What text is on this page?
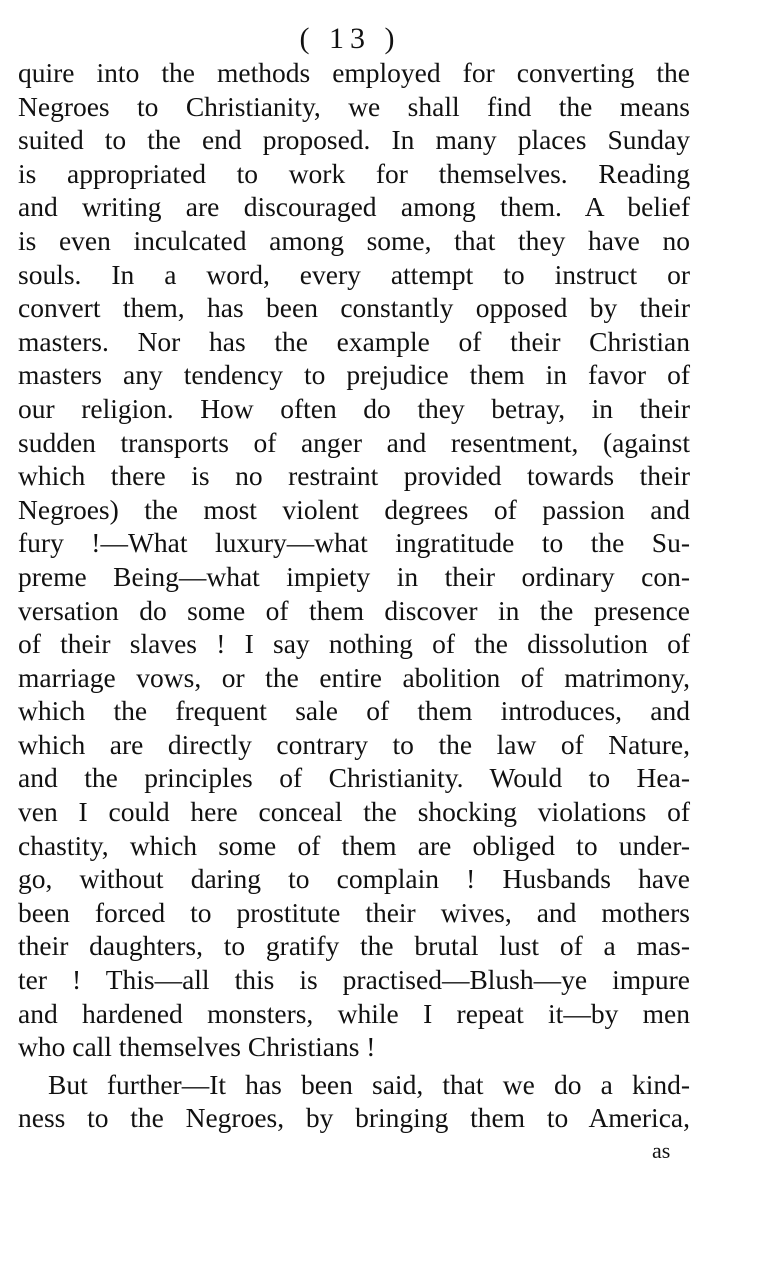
( 13 )
quire into the methods employed for converting the
Negroes to Christianity, we shall find the means
suited to the end proposed. In many places Sunday
is appropriated to work for themselves. Reading
and writing are discouraged among them. A belief
is even inculcated among some, that they have no
souls. In a word, every attempt to instruct or
convert them, has been constantly opposed by their
masters. Nor has the example of their Christian
masters any tendency to prejudice them in favor of
our religion. How often do they betray, in their
sudden transports of anger and resentment, (against
which there is no restraint provided towards their
Negroes) the most violent degrees of passion and
fury !—What luxury—what ingratitude to the Su-
preme Being—what impiety in their ordinary con-
versation do some of them discover in the presence
of their slaves ! I say nothing of the dissolution of
marriage vows, or the entire abolition of matrimony,
which the frequent sale of them introduces, and
which are directly contrary to the law of Nature,
and the principles of Christianity. Would to Hea-
ven I could here conceal the shocking violations of
chastity, which some of them are obliged to under-
go, without daring to complain ! Husbands have
been forced to prostitute their wives, and mothers
their daughters, to gratify the brutal lust of a mas-
ter ! This—all this is practised—Blush—ye impure
and hardened monsters, while I repeat it—by men
who call themselves Christians !
But further—It has been said, that we do a kind-
ness to the Negroes, by bringing them to America,
as
